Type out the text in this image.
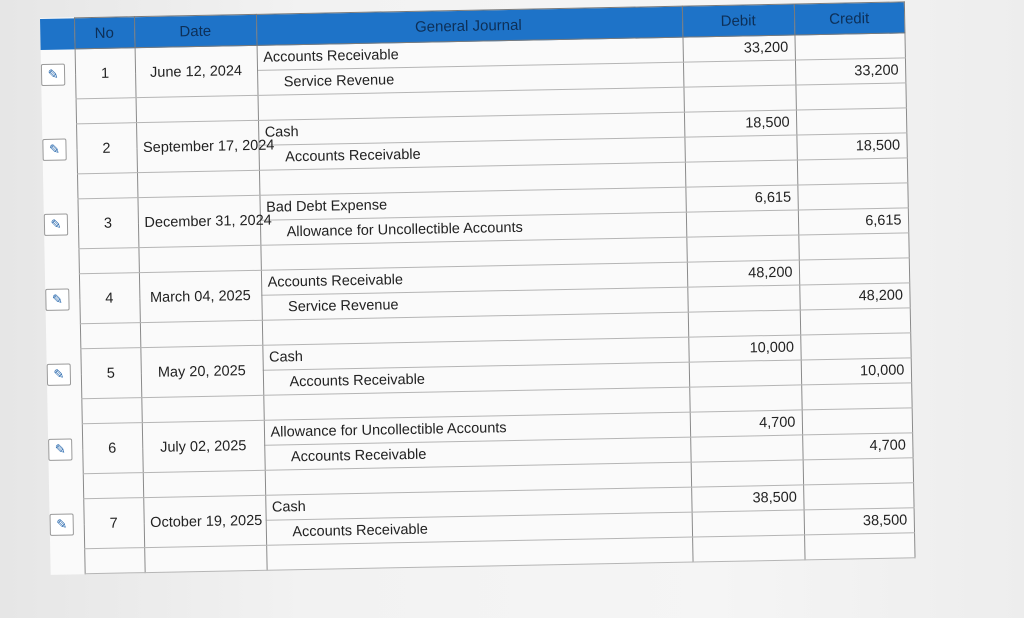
	No	Date	General Journal	Debit	Credit
✎	1	June 12, 2024	Accounts Receivable	33,200	
			Service Revenue		33,200

✎	2	September 17, 2024	Cash	18,500	
			Accounts Receivable		18,500

✎	3	December 31, 2024	Bad Debt Expense	6,615	
			Allowance for Uncollectible Accounts		6,615

✎	4	March 04, 2025	Accounts Receivable	48,200	
			Service Revenue		48,200

✎	5	May 20, 2025	Cash	10,000	
			Accounts Receivable		10,000

✎	6	July 02, 2025	Allowance for Uncollectible Accounts	4,700	
			Accounts Receivable		4,700

✎	7	October 19, 2025	Cash	38,500	
			Accounts Receivable		38,500
